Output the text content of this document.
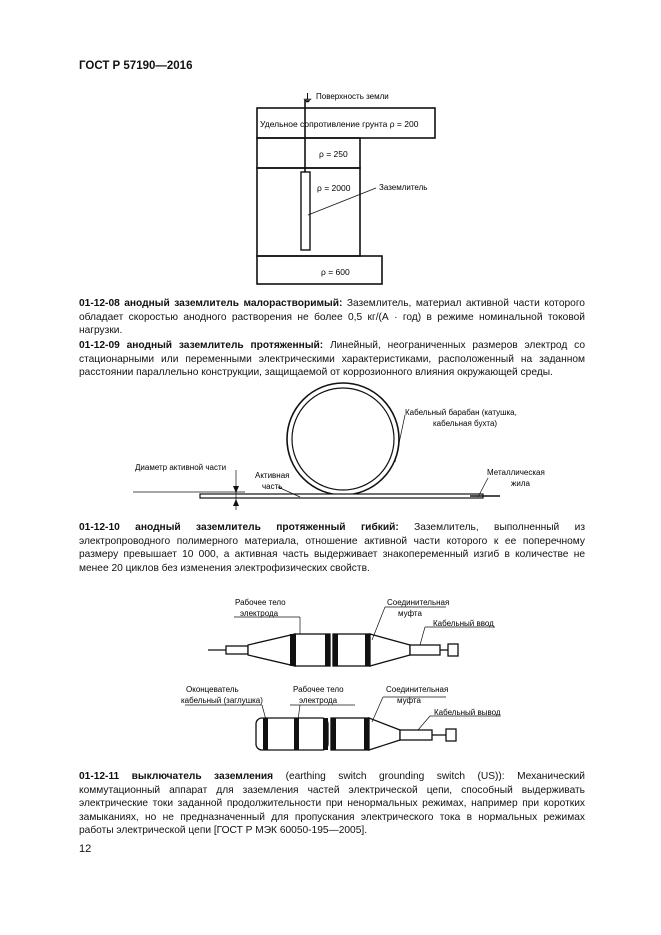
ГОСТ Р 57190—2016
⏚ Поверхность земли
Удельное сопротивление грунта ρ = 200
ρ = 250
ρ = 2000
ρ = 600
Заземлитель
01-12-08 анодный заземлитель малорастворимый: Заземлитель, материал активной части которого обладает скоростью анодного растворения не более 0,5 кг/(А · год) в режиме номинальной токовой нагрузки.
01-12-09 анодный заземлитель протяженный: Линейный, неограниченных размеров электрод со стационарными или переменными электрическими характеристиками, расположенный на заданном расстоянии параллельно конструкции, защищаемой от коррозионного влияния окружающей среды.
Кабельный барабан (катушка,
кабельная бухта)
Диаметр активной части
Активная
часть
Металлическая
жила
01-12-10 анодный заземлитель протяженный гибкий: Заземлитель, выполненный из электропроводного полимерного материала, отношение активной части которого к ее поперечному размеру превышает 10 000, а активная часть выдерживает знакопеременный изгиб в количестве не менее 20 циклов без изменения электрофизических свойств.
Рабочее тело
электрода
Соединительная
муфта
Кабельный ввод
Оконцеватель
кабельный (заглушка)
Рабочее тело
электрода
Соединительная
муфта
Кабельный вывод
01-12-11 выключатель заземления (earthing switch grounding switch (US)): Механический коммутационный аппарат для заземления частей электрической цепи, способный выдерживать электрические токи заданной продолжительности при ненормальных режимах, например при коротких замыканиях, но не предназначенный для пропускания электрического тока в нормальных режимах работы электрической цепи [ГОСТ Р МЭК 60050-195—2005].
12
